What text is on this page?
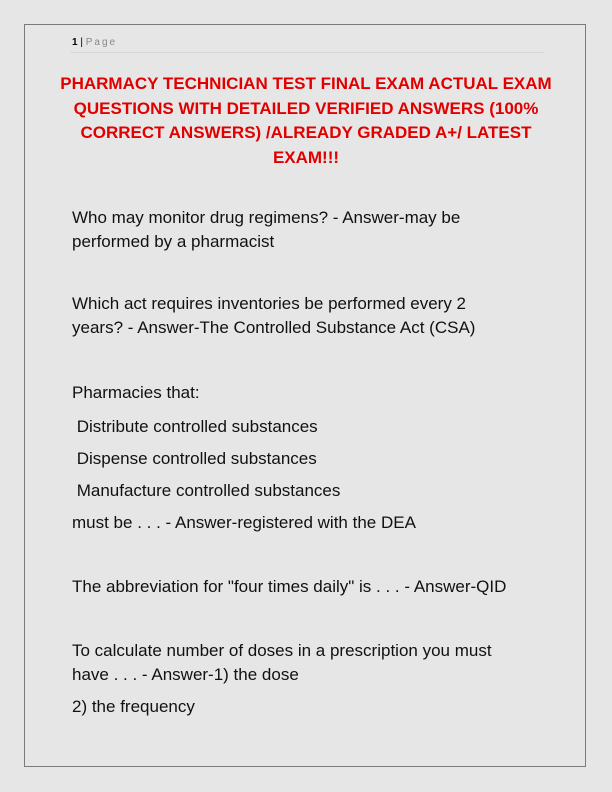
1 | Page
PHARMACY TECHNICIAN TEST FINAL EXAM ACTUAL EXAM QUESTIONS WITH DETAILED VERIFIED ANSWERS (100% CORRECT ANSWERS) /ALREADY GRADED A+/ LATEST EXAM!!!
Who may monitor drug regimens? - Answer-may be
performed by a pharmacist
Which act requires inventories be performed every 2
years? - Answer-The Controlled Substance Act (CSA)
Pharmacies that:
Distribute controlled substances
Dispense controlled substances
Manufacture controlled substances
must be . . . - Answer-registered with the DEA
The abbreviation for "four times daily" is . . . - Answer-QID
To calculate number of doses in a prescription you must
have . . . - Answer-1) the dose
2) the frequency
